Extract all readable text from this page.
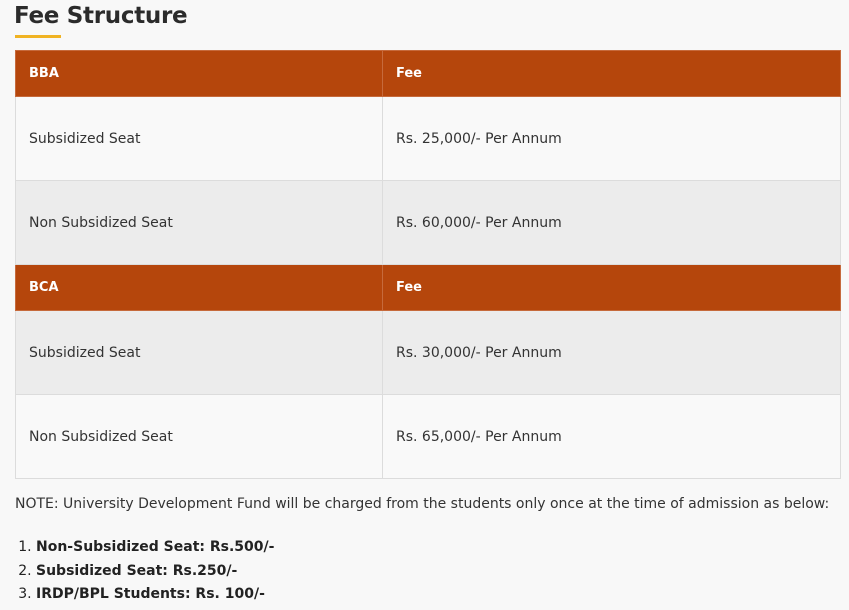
Fee Structure
BBA	Fee
Subsidized Seat	Rs. 25,000/- Per Annum
Non Subsidized Seat	Rs. 60,000/- Per Annum
BCA	Fee
Subsidized Seat	Rs. 30,000/- Per Annum
Non Subsidized Seat	Rs. 65,000/- Per Annum

NOTE: University Development Fund will be charged from the students only once at the time of admission as below:

1. Non-Subsidized Seat: Rs.500/-
2. Subsidized Seat: Rs.250/-
3. IRDP/BPL Students: Rs. 100/-
